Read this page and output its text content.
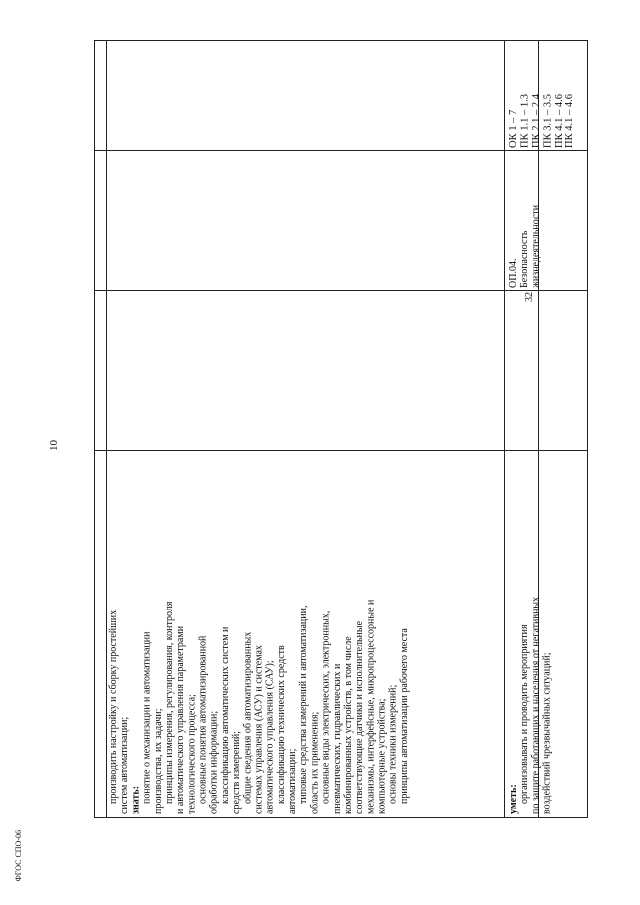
10
ФГОС СПО-06
производить настройку и сборку простейших систем автоматизации; знать: понятие о механизации и автоматизации производства, их задачи; принципы измерения, регулирования, контроля и автоматического управления параметрами технологического процесса; основные понятия автоматизированной обработки информации; классификацию автоматических систем и средств измерений; общие сведения об автоматизированных системах управления (АСУ) и системах автоматического управления (САУ); классификацию технических средств автоматизации; типовые средства измерений и автоматизации, область их применения; основные виды электрических, электронных, пневматических, гидравлических и комбинированных устройств, в том числе соответствующие датчики и исполнительные механизмы, интерфейсные, микропроцессорные и компьютерные устройства; основы техники измерений; принципы автоматизации рабочего места
ПК 4.1 – 4.6
уметь: организовывать и проводить мероприятия по защите работающих и населения от негативных воздействий чрезвычайных ситуаций;
32
ОП.04. Безопасность жизнедеятельности
ОК 1 – 7 ПК 1.1 – 1.3 ПК 2.1 – 2.4 ПК 3.1 – 3.5 ПК 4.1 – 4.6
